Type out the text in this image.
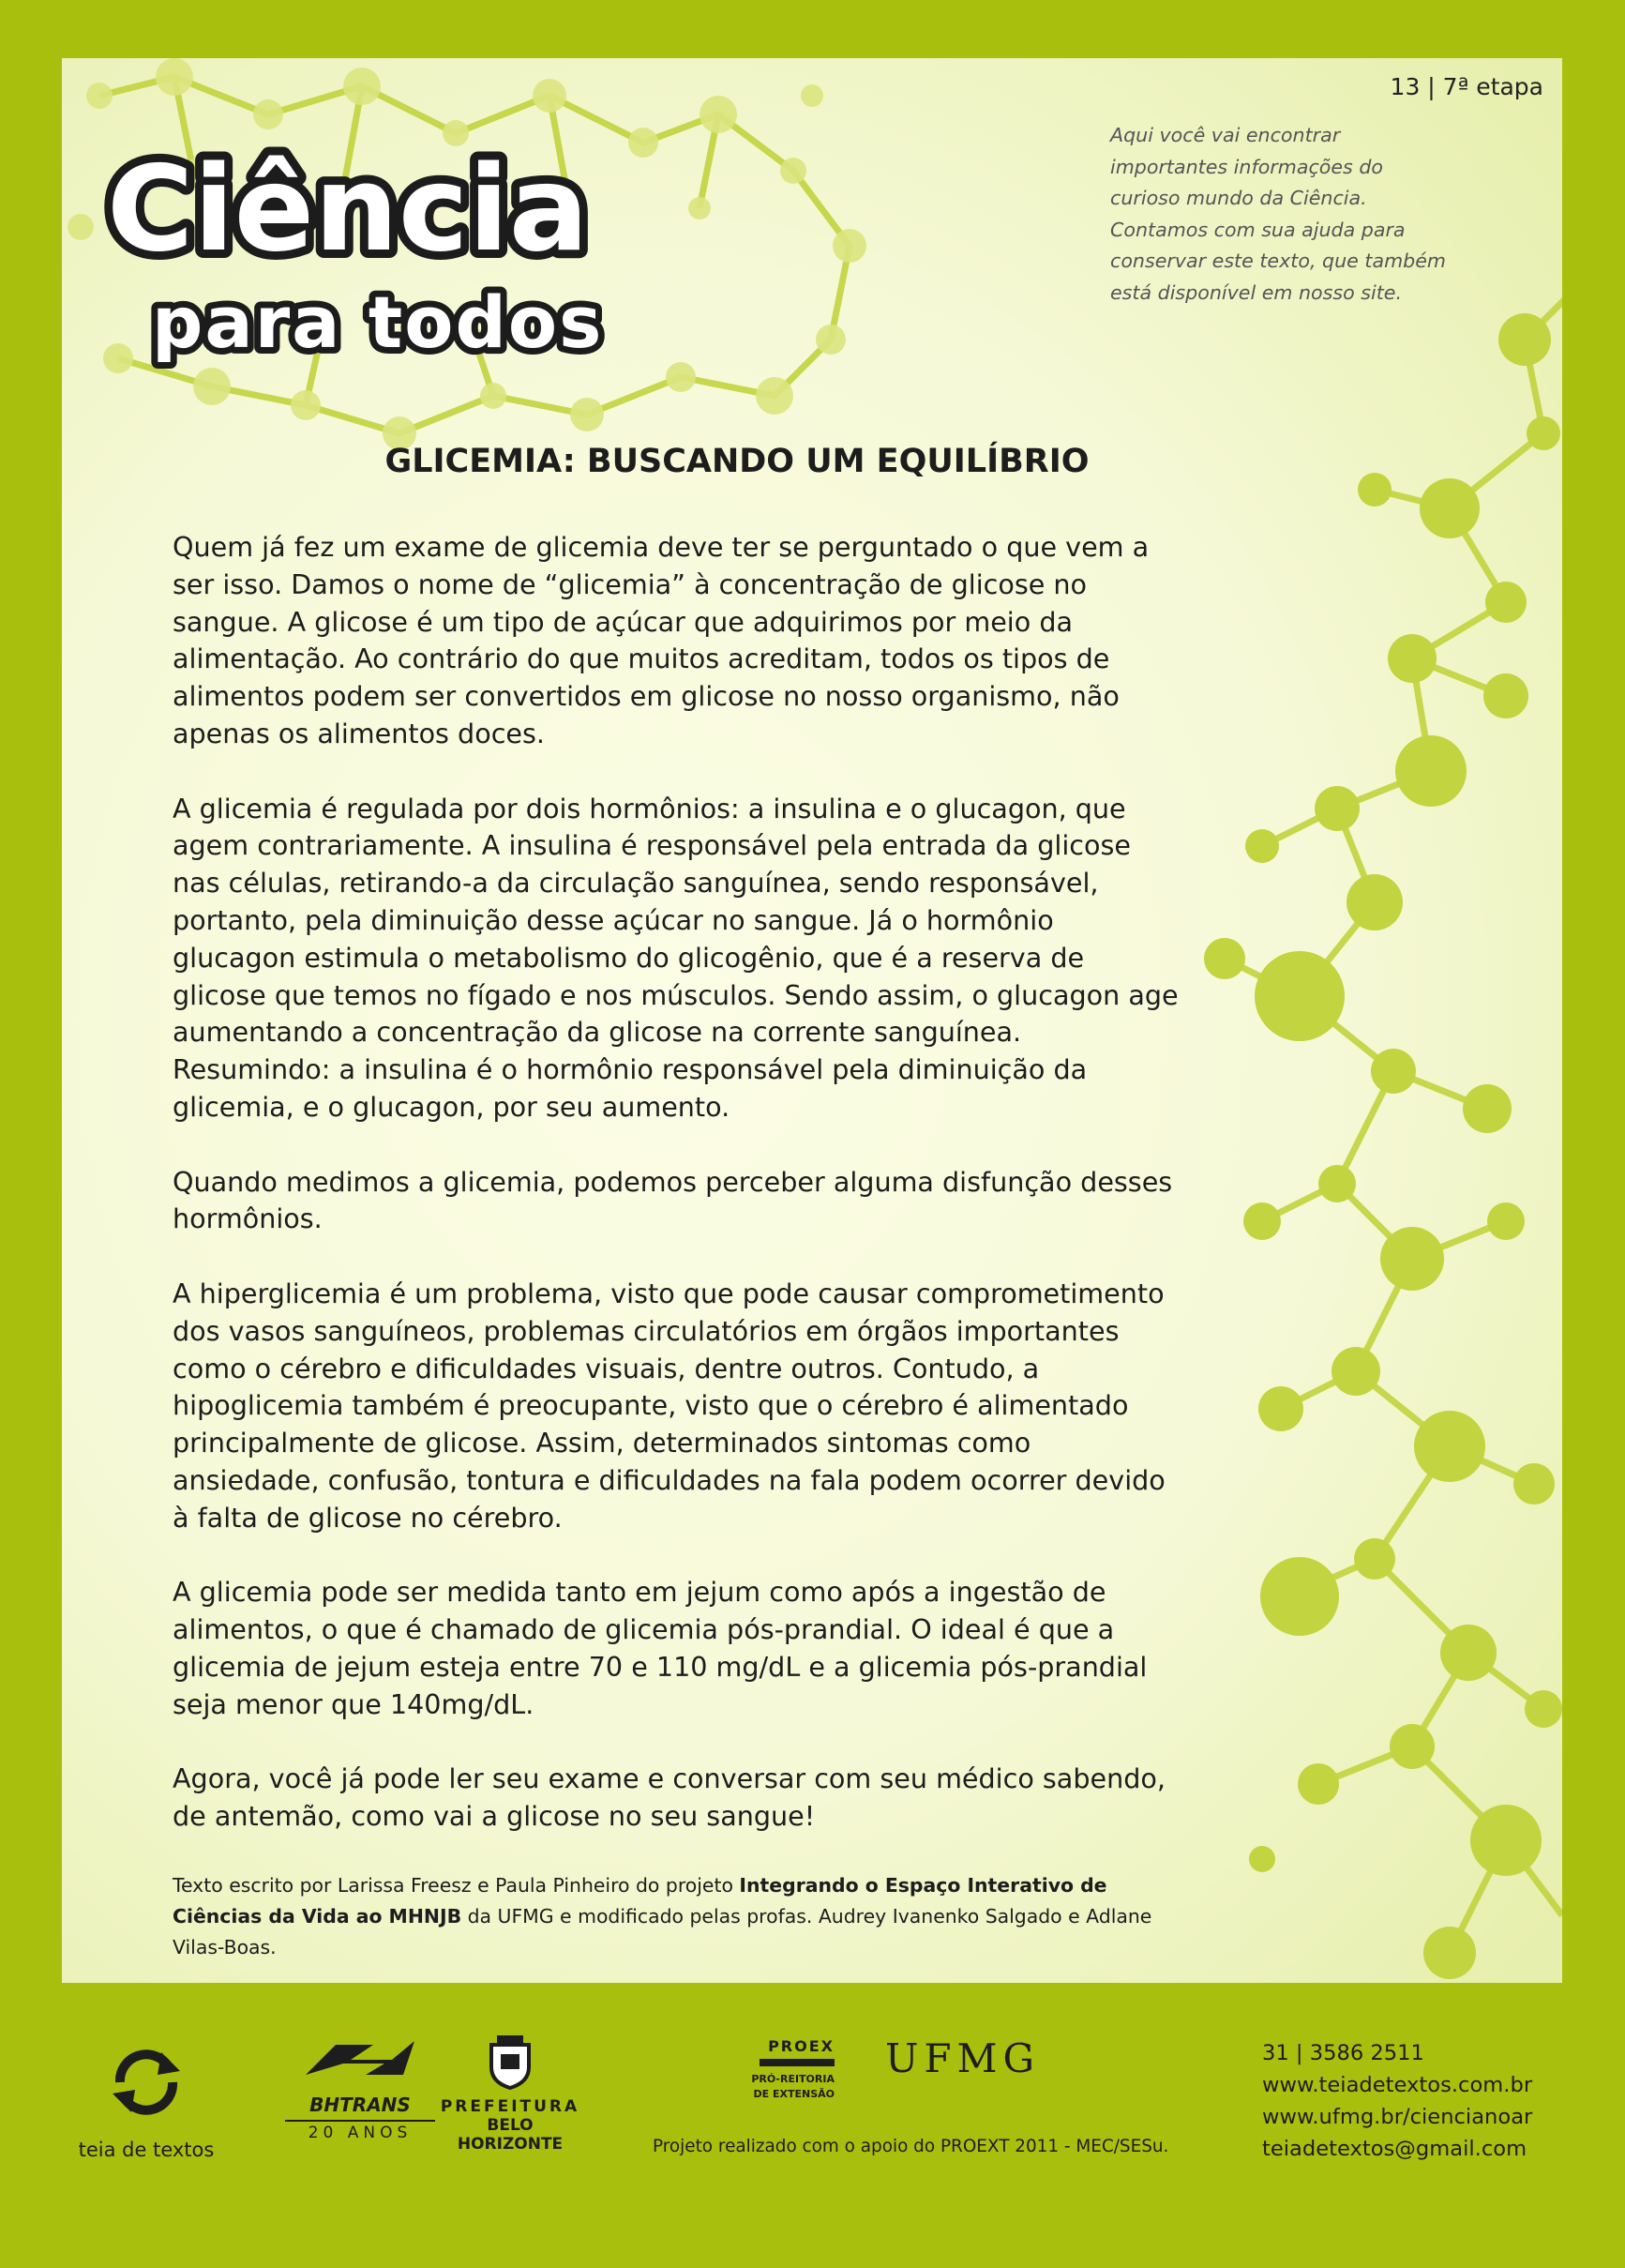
13 | 7ª etapa
Aqui você vai encontrar importantes informações do curioso mundo da Ciência. Contamos com sua ajuda para conservar este texto, que também está disponível em nosso site.
Ciência
para todos
GLICEMIA: BUSCANDO UM EQUILÍBRIO

Quem já fez um exame de glicemia deve ter se perguntado o que vem a ser isso. Damos o nome de “glicemia” à concentração de glicose no sangue. A glicose é um tipo de açúcar que adquirimos por meio da alimentação. Ao contrário do que muitos acreditam, todos os tipos de alimentos podem ser convertidos em glicose no nosso organismo, não apenas os alimentos doces.

A glicemia é regulada por dois hormônios: a insulina e o glucagon, que agem contrariamente. A insulina é responsável pela entrada da glicose nas células, retirando-a da circulação sanguínea, sendo responsável, portanto, pela diminuição desse açúcar no sangue. Já o hormônio glucagon estimula o metabolismo do glicogênio, que é a reserva de glicose que temos no fígado e nos músculos. Sendo assim, o glucagon age aumentando a concentração da glicose na corrente sanguínea. Resumindo: a insulina é o hormônio responsável pela diminuição da glicemia, e o glucagon, por seu aumento.

Quando medimos a glicemia, podemos perceber alguma disfunção desses hormônios.

A hiperglicemia é um problema, visto que pode causar comprometimento dos vasos sanguíneos, problemas circulatórios em órgãos importantes como o cérebro e dificuldades visuais, dentre outros. Contudo, a hipoglicemia também é preocupante, visto que o cérebro é alimentado principalmente de glicose. Assim, determinados sintomas como ansiedade, confusão, tontura e dificuldades na fala podem ocorrer devido à falta de glicose no cérebro.

A glicemia pode ser medida tanto em jejum como após a ingestão de alimentos, o que é chamado de glicemia pós-prandial. O ideal é que a glicemia de jejum esteja entre 70 e 110 mg/dL e a glicemia pós-prandial seja menor que 140mg/dL.

Agora, você já pode ler seu exame e conversar com seu médico sabendo, de antemão, como vai a glicose no seu sangue!

Texto escrito por Larissa Freesz e Paula Pinheiro do projeto Integrando o Espaço Interativo de Ciências da Vida ao MHNJB da UFMG e modificado pelas profas. Audrey Ivanenko Salgado e Adlane Vilas-Boas.
teia de textos
BHTRANS
20 ANOS
PREFEITURA
BELO HORIZONTE
PROEX
PRÓ-REITORIA
DE EXTENSÃO
UFMG
Projeto realizado com o apoio do PROEXT 2011 - MEC/SESu.
31 | 3586 2511
www.teiadetextos.com.br
www.ufmg.br/ciencianoar
teiadetextos@gmail.com
